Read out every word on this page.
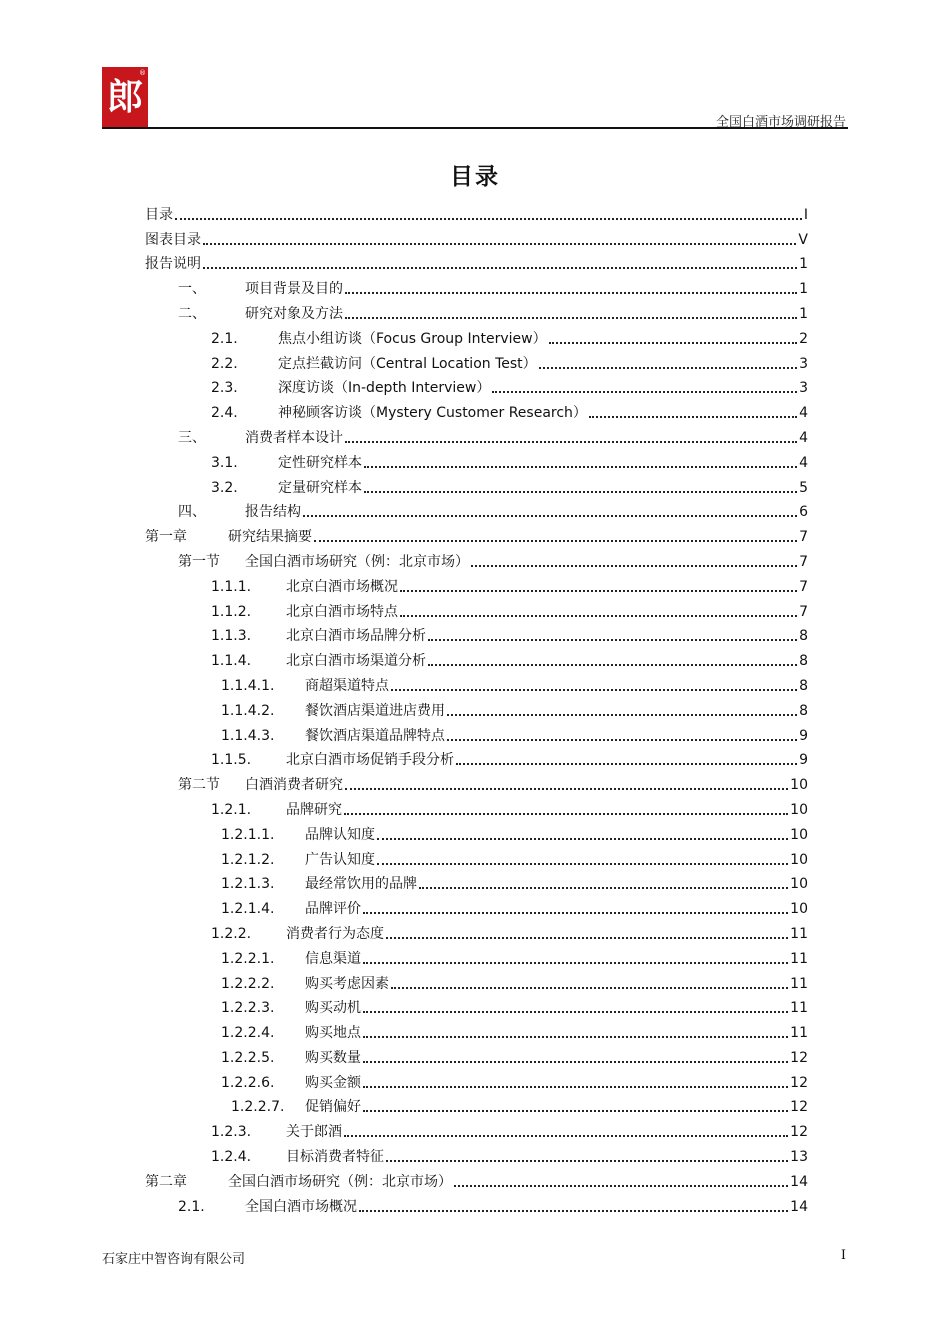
郎
®
全国白酒市场调研报告
目录
目录	I
图表目录	V
报告说明	1
一、	项目背景及目的	1
二、	研究对象及方法	1
2.1.	焦点小组访谈（Focus Group Interview）	2
2.2.	定点拦截访问（Central Location Test）	3
2.3.	深度访谈（In-depth Interview）	3
2.4.	神秘顾客访谈（Mystery Customer Research）	4
三、	消费者样本设计	4
3.1.	定性研究样本	4
3.2.	定量研究样本	5
四、	报告结构	6
第一章	研究结果摘要	7
第一节	全国白酒市场研究（例：北京市场）	7
1.1.1.	北京白酒市场概况	7
1.1.2.	北京白酒市场特点	7
1.1.3.	北京白酒市场品牌分析	8
1.1.4.	北京白酒市场渠道分析	8
1.1.4.1.	商超渠道特点	8
1.1.4.2.	餐饮酒店渠道进店费用	8
1.1.4.3.	餐饮酒店渠道品牌特点	9
1.1.5.	北京白酒市场促销手段分析	9
第二节	白酒消费者研究	10
1.2.1.	品牌研究	10
1.2.1.1.	品牌认知度	10
1.2.1.2.	广告认知度	10
1.2.1.3.	最经常饮用的品牌	10
1.2.1.4.	品牌评价	10
1.2.2.	消费者行为态度	11
1.2.2.1.	信息渠道	11
1.2.2.2.	购买考虑因素	11
1.2.2.3.	购买动机	11
1.2.2.4.	购买地点	11
1.2.2.5.	购买数量	12
1.2.2.6.	购买金额	12
1.2.2.7.	促销偏好	12
1.2.3.	关于郎酒	12
1.2.4.	目标消费者特征	13
第二章	全国白酒市场研究（例：北京市场）	14
2.1.	全国白酒市场概况	14
石家庄中智咨询有限公司	I
